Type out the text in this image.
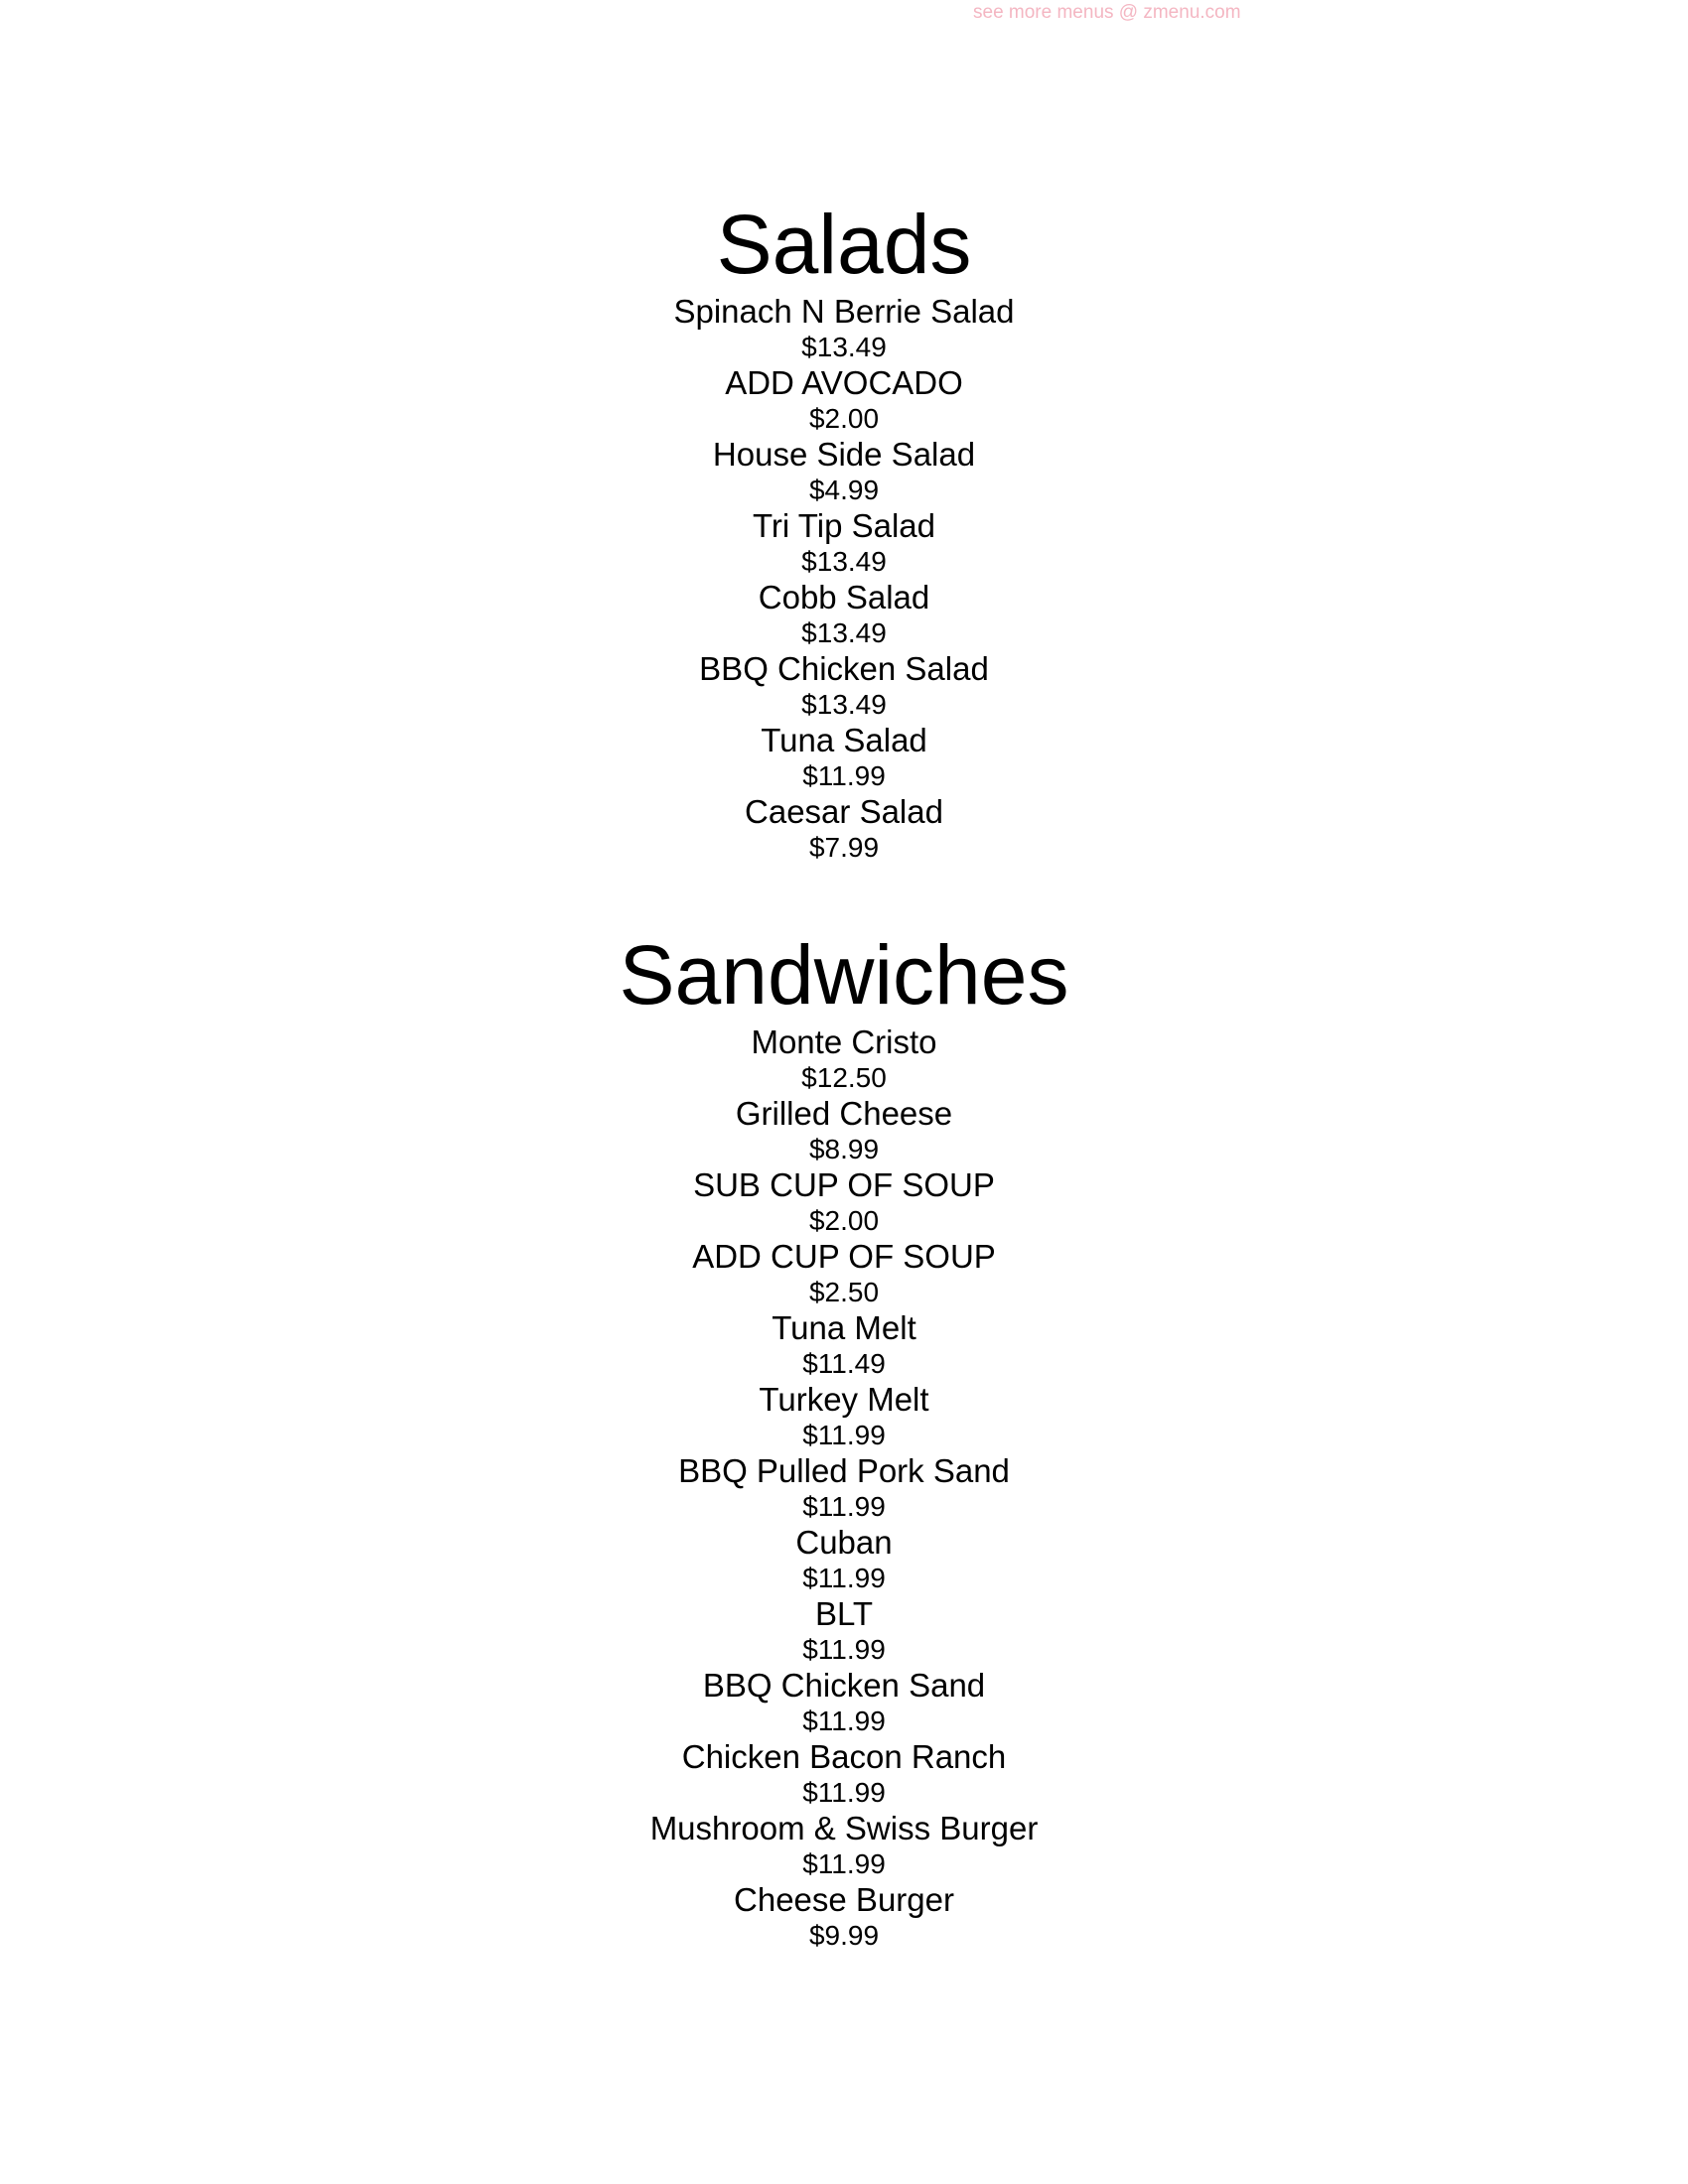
see more menus @ zmenu.com
Salads
Spinach N Berrie Salad
$13.49
ADD AVOCADO
$2.00
House Side Salad
$4.99
Tri Tip Salad
$13.49
Cobb Salad
$13.49
BBQ Chicken Salad
$13.49
Tuna Salad
$11.99
Caesar Salad
$7.99
Sandwiches
Monte Cristo
$12.50
Grilled Cheese
$8.99
SUB CUP OF SOUP
$2.00
ADD CUP OF SOUP
$2.50
Tuna Melt
$11.49
Turkey Melt
$11.99
BBQ Pulled Pork Sand
$11.99
Cuban
$11.99
BLT
$11.99
BBQ Chicken Sand
$11.99
Chicken Bacon Ranch
$11.99
Mushroom & Swiss Burger
$11.99
Cheese Burger
$9.99
